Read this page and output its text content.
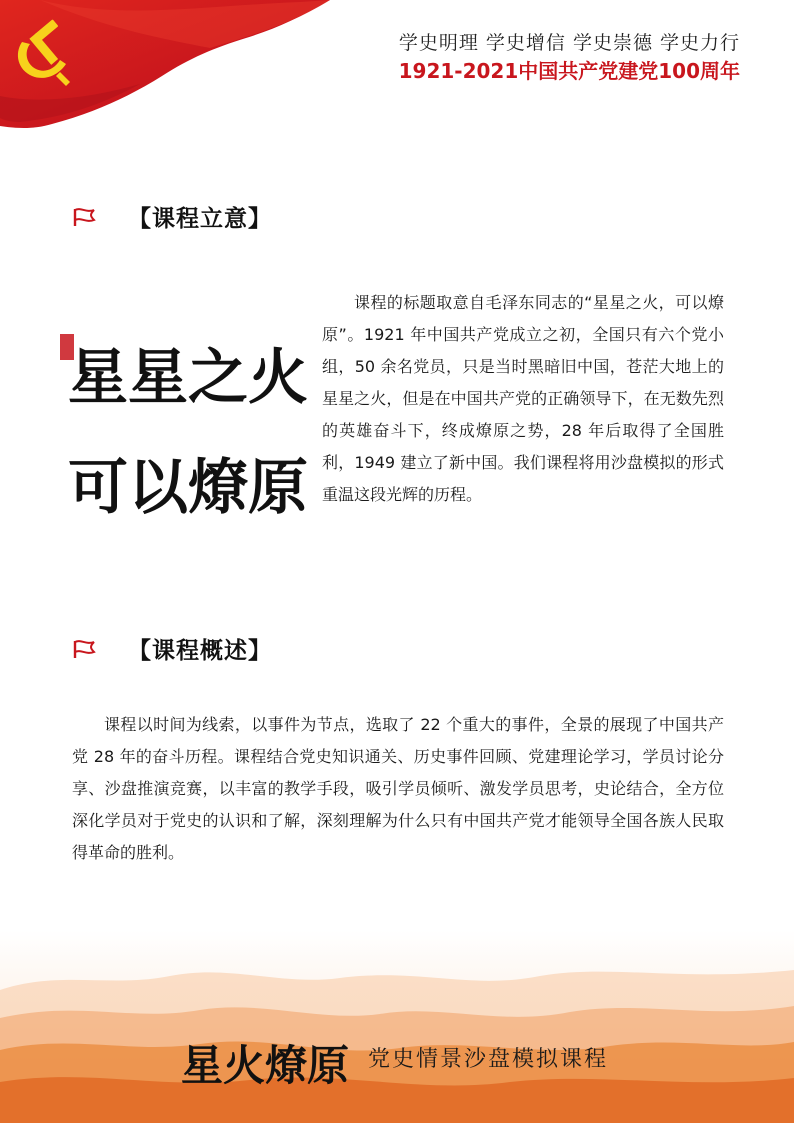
学史明理 学史增信 学史崇德 学史力行

1921-2021中国共产党建党100周年

【课程立意】
星星之火
可以燎原

课程的标题取意自毛泽东同志的“星星之火，可以燎原”。1921 年中国共产党成立之初，全国只有六个党小组，50 余名党员，只是当时黑暗旧中国，苍茫大地上的星星之火，但是在中国共产党的正确领导下，在无数先烈的英雄奋斗下，终成燎原之势，28 年后取得了全国胜利，1949 建立了新中国。我们课程将用沙盘模拟的形式重温这段光辉的历程。

【课程概述】

课程以时间为线索，以事件为节点，选取了 22 个重大的事件，全景的展现了中国共产党 28 年的奋斗历程。课程结合党史知识通关、历史事件回顾、党建理论学习，学员讨论分享、沙盘推演竞赛，以丰富的教学手段，吸引学员倾听、激发学员思考，史论结合，全方位深化学员对于党史的认识和了解，深刻理解为什么只有中国共产党才能领导全国各族人民取得革命的胜利。

星火燎原 党史情景沙盘模拟课程
